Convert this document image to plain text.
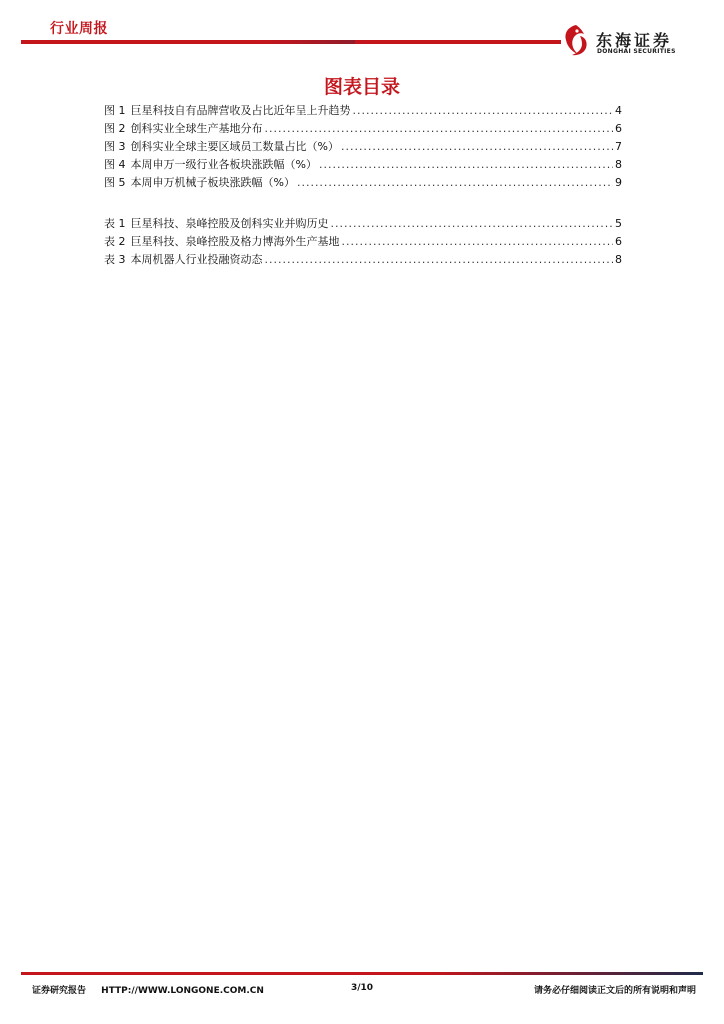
行业周报
东海证券
DONGHAI SECURITIES
图表目录
图 1 巨星科技自有品牌营收及占比近年呈上升趋势 .....	4
图 2 创科实业全球生产基地分布 .....	6
图 3 创科实业全球主要区域员工数量占比（%） .....	7
图 4 本周申万一级行业各板块涨跌幅（%） .....	8
图 5 本周申万机械子板块涨跌幅（%） .....	9
表 1 巨星科技、泉峰控股及创科实业并购历史 .....	5
表 2 巨星科技、泉峰控股及格力博海外生产基地 .....	6
表 3 本周机器人行业投融资动态 .....	8
证券研究报告 HTTP://WWW.LONGONE.COM.CN	3/10	请务必仔细阅读正文后的所有说明和声明
